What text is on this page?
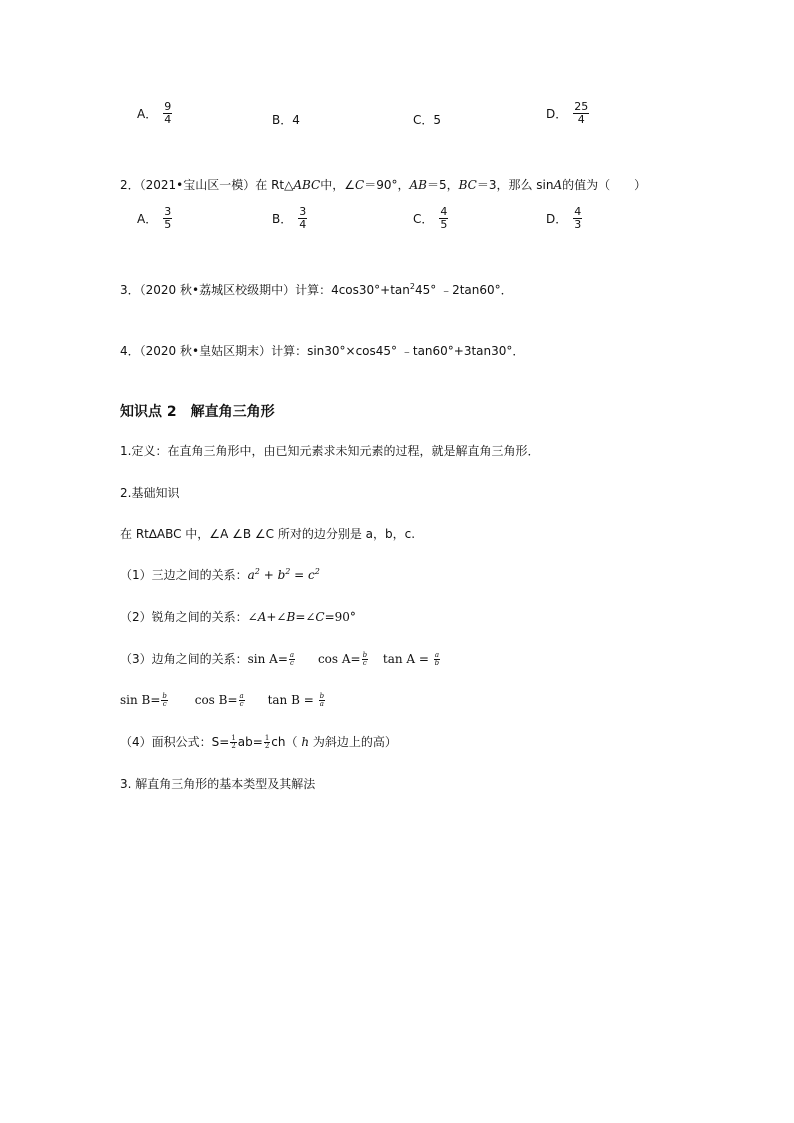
A． $\frac{9}{4}$	B． 4	C． 5	D． $\frac{25}{4}$
2．（2021•宝山区一模）在 Rt△ABC中，∠C＝90°，AB＝5，BC＝3，那么 sinA的值为（　　）
A． $\frac{3}{5}$	B． $\frac{3}{4}$	C． $\frac{4}{5}$	D． $\frac{4}{3}$
3．（2020 秋•荔城区校级期中）计算：$4\cos 30^\circ+\tan^245^\circ$ ﹣2tan60°．
4．（2020 秋•皇姑区期末）计算：sin30°×cos45° ﹣tan60°+3tan30°．
知识点 2　解直角三角形
1.定义：在直角三角形中，由已知元素求未知元素的过程，就是解直角三角形．
2.基础知识
在 Rt∆ABC 中，∠A ∠B ∠C 所对的边分别是 a，b，c.
（1）三边之间的关系：$a^2 + b^2 = c^2$
（2）锐角之间的关系：∠A+∠B=∠C=90°
（3）边角之间的关系：$\sin A= \frac{a}{c}$ $\cos A= \frac{b}{c}$ $\tan A = \frac{a}{b}$
$\sin B= \frac{b}{c}$ $\cos B= \frac{a}{c}$ $\tan B = \frac{b}{a}$
（4）面积公式：$S= \frac{1}{2} ab= \frac{1}{2} ch$（ h 为斜边上的高）
3. 解直角三角形的基本类型及其解法
